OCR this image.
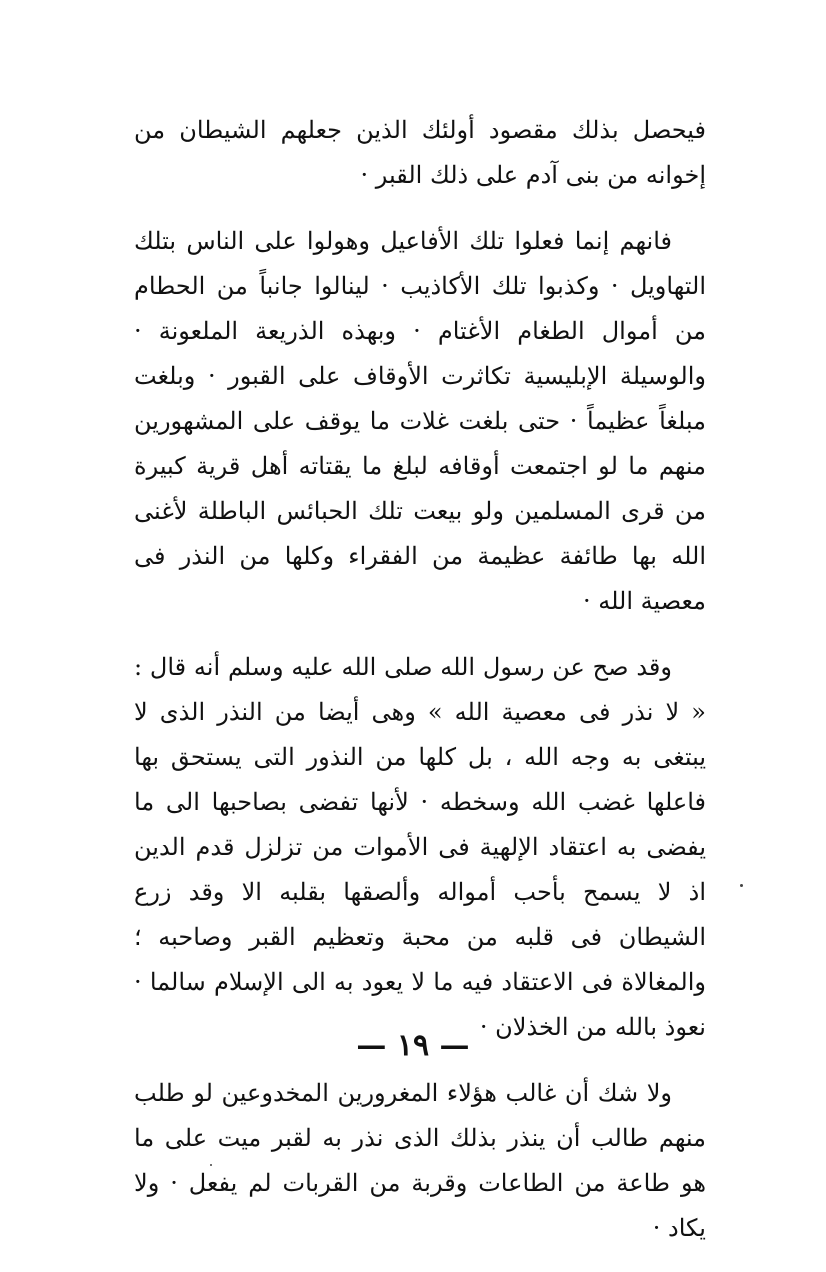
فيحصل بذلك مقصود أولئك الذين جعلهم الشيطان من إخوانه من بنى آدم على ذلك القبر ·

فانهم إنما فعلوا تلك الأفاعيل وهولوا على الناس بتلك التهاويل · وكذبوا تلك الأكاذيب · لينالوا جانباً من الحطام من أموال الطغام الأغتام · وبهذه الذريعة الملعونة · والوسيلة الإبليسية تكاثرت الأوقاف على القبور · وبلغت مبلغاً عظيماً · حتى بلغت غلات ما يوقف على المشهورين منهم ما لو اجتمعت أوقافه لبلغ ما يقتاته أهل قرية كبيرة من قرى المسلمين ولو بيعت تلك الحبائس الباطلة لأغنى الله بها طائفة عظيمة من الفقراء وكلها من النذر فى معصية الله ·

وقد صح عن رسول الله صلى الله عليه وسلم أنه قال : « لا نذر فى معصية الله » وهى أيضا من النذر الذى لا يبتغى به وجه الله ، بل كلها من النذور التى يستحق بها فاعلها غضب الله وسخطه · لأنها تفضى بصاحبها الى ما يفضى به اعتقاد الإلهية فى الأموات من تزلزل قدم الدين اذ لا يسمح بأحب أمواله وألصقها بقلبه الا وقد زرع الشيطان فى قلبه من محبة وتعظيم القبر وصاحبه ؛ والمغالاة فى الاعتقاد فيه ما لا يعود به الى الإسلام سالما · نعوذ بالله من الخذلان ·

ولا شك أن غالب هؤلاء المغرورين المخدوعين لو طلب منهم طالب أن ينذر بذلك الذى نذر به لقبر ميت على ما هو طاعة من الطاعات وقربة من القربات لم يفعل · ولا يكاد ·

— ١٩ —
